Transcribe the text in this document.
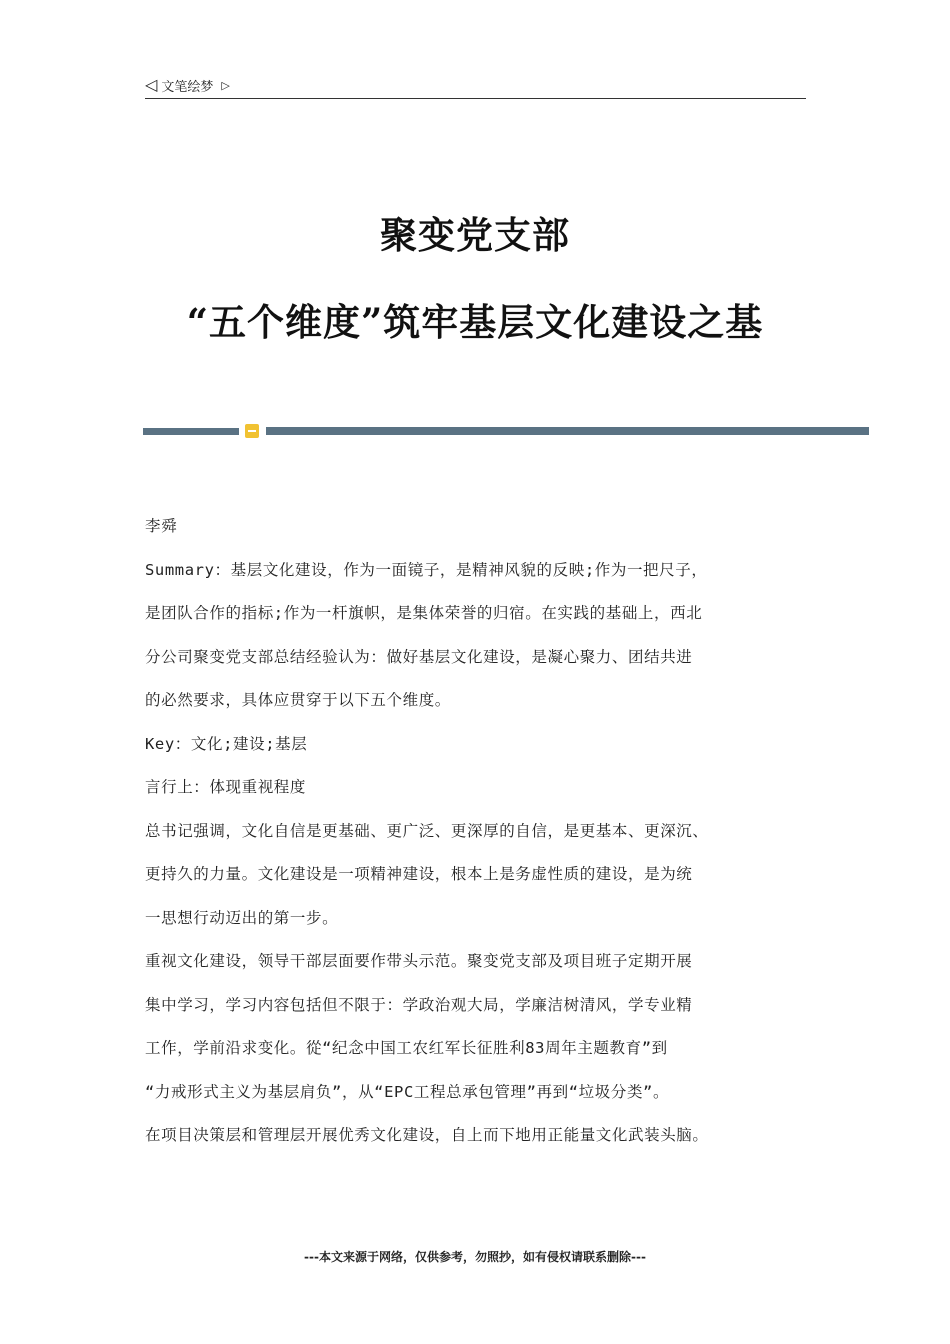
◁ 文笔绘梦 ▷
聚变党支部
“五个维度”筑牢基层文化建设之基

李舜

Summary：基层文化建设，作为一面镜子，是精神风貌的反映;作为一把尺子，

是团队合作的指标;作为一杆旗帜，是集体荣誉的归宿。在实践的基础上，西北

分公司聚变党支部总结经验认为：做好基层文化建设，是凝心聚力、团结共进

的必然要求，具体应贯穿于以下五个维度。

Key：文化;建设;基层

言行上：体现重视程度

总书记强调，文化自信是更基础、更广泛、更深厚的自信，是更基本、更深沉、

更持久的力量。文化建设是一项精神建设，根本上是务虚性质的建设，是为统

一思想行动迈出的第一步。

重视文化建设，领导干部层面要作带头示范。聚变党支部及项目班子定期开展

集中学习，学习内容包括但不限于：学政治观大局，学廉洁树清风，学专业精

工作，学前沿求变化。從“纪念中国工农红军长征胜利83周年主题教育”到

“力戒形式主义为基层肩负”，从“EPC工程总承包管理”再到“垃圾分类”。

在项目决策层和管理层开展优秀文化建设，自上而下地用正能量文化武装头脑。

---本文来源于网络，仅供参考，勿照抄，如有侵权请联系删除---
